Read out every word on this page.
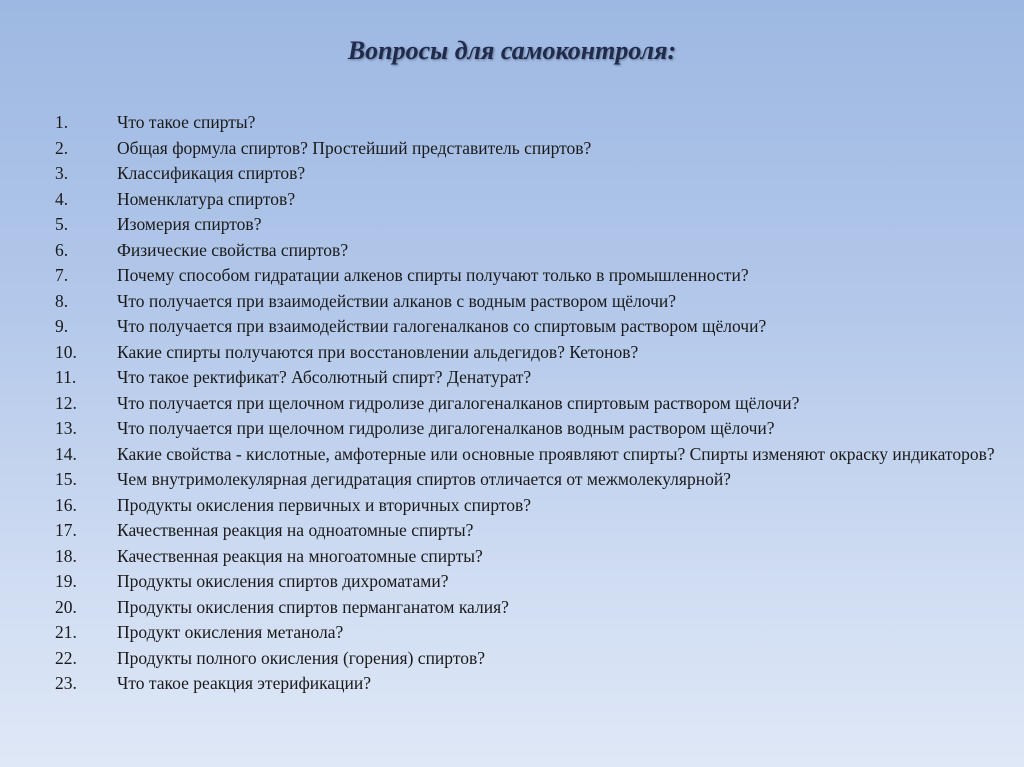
Вопросы для самоконтроля:
1.	Что такое спирты?
2.	Общая формула спиртов? Простейший представитель спиртов?
3.	Классификация спиртов?
4.	Номенклатура спиртов?
5.	Изомерия спиртов?
6.	Физические свойства спиртов?
7.	Почему способом гидратации алкенов спирты получают только в промышленности?
8.	Что получается при взаимодействии алканов с водным раствором щёлочи?
9.	Что получается при взаимодействии галогеналканов со спиртовым раствором щёлочи?
10.	Какие спирты получаются при восстановлении альдегидов? Кетонов?
11.	Что такое ректификат? Абсолютный спирт? Денатурат?
12.	Что получается при щелочном гидролизе дигалогеналканов спиртовым раствором щёлочи?
13.	Что получается при щелочном гидролизе дигалогеналканов водным раствором щёлочи?
14.	Какие свойства - кислотные, амфотерные или основные проявляют спирты? Спирты изменяют окраску индикаторов?
15.	Чем внутримолекулярная дегидратация спиртов отличается от межмолекулярной?
16.	Продукты окисления первичных и вторичных спиртов?
17.	Качественная реакция на одноатомные спирты?
18.	Качественная реакция на многоатомные спирты?
19.	Продукты окисления спиртов дихроматами?
20.	Продукты окисления спиртов перманганатом калия?
21.	Продукт окисления метанола?
22.	Продукты полного окисления (горения) спиртов?
23.	Что такое реакция этерификации?
